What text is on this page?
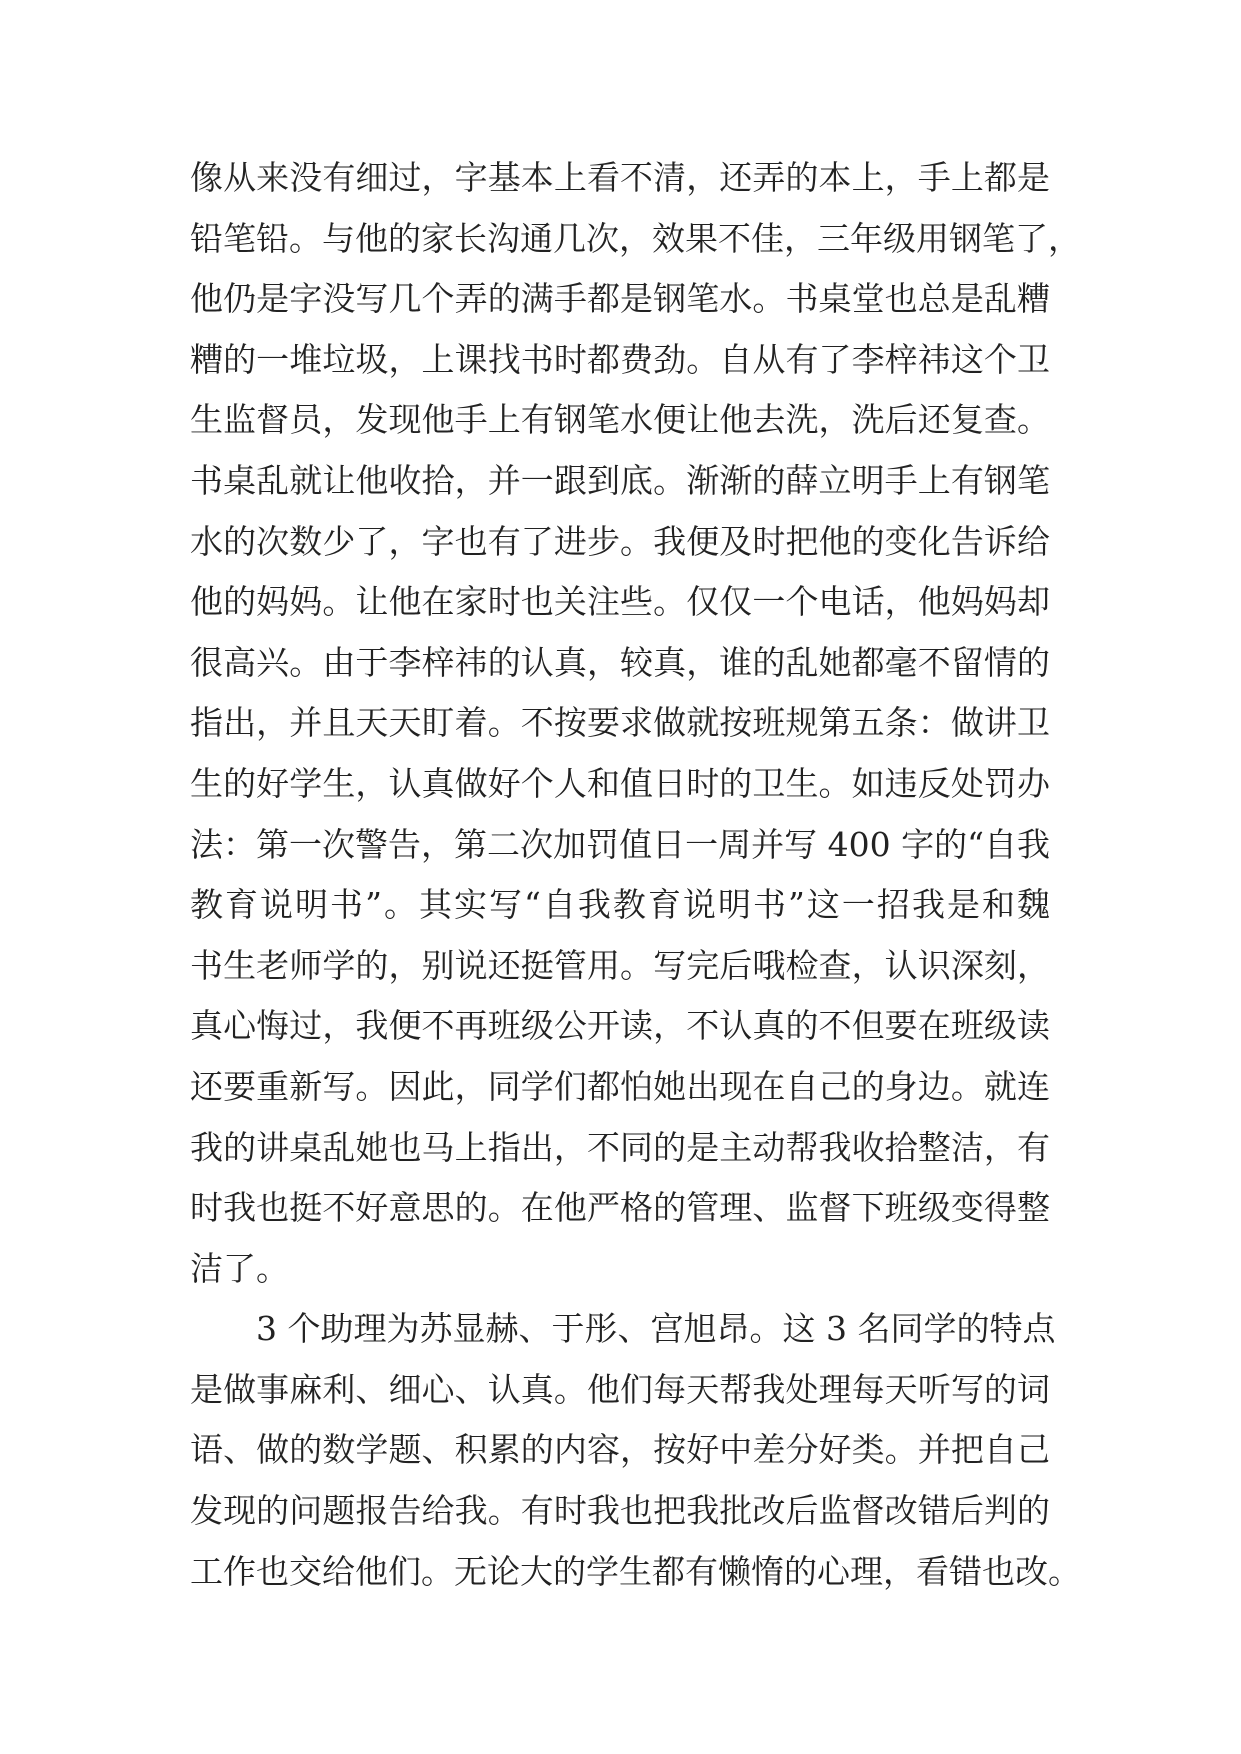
像从来没有细过，字基本上看不清，还弄的本上，手上都是
铅笔铅。与他的家长沟通几次，效果不佳，三年级用钢笔了，
他仍是字没写几个弄的满手都是钢笔水。书桌堂也总是乱糟
糟的一堆垃圾，上课找书时都费劲。自从有了李梓祎这个卫
生监督员，发现他手上有钢笔水便让他去洗，洗后还复查。
书桌乱就让他收拾，并一跟到底。渐渐的薛立明手上有钢笔
水的次数少了，字也有了进步。我便及时把他的变化告诉给
他的妈妈。让他在家时也关注些。仅仅一个电话，他妈妈却
很高兴。由于李梓祎的认真，较真，谁的乱她都毫不留情的
指出，并且天天盯着。不按要求做就按班规第五条：做讲卫
生的好学生，认真做好个人和值日时的卫生。如违反处罚办
法：第一次警告，第二次加罚值日一周并写 400 字的“自我
教育说明书”。其实写“自我教育说明书”这一招我是和魏
书生老师学的，别说还挺管用。写完后哦检查，认识深刻，
真心悔过，我便不再班级公开读，不认真的不但要在班级读
还要重新写。因此，同学们都怕她出现在自己的身边。就连
我的讲桌乱她也马上指出，不同的是主动帮我收拾整洁，有
时我也挺不好意思的。在他严格的管理、监督下班级变得整
洁了。
3 个助理为苏显赫、于彤、宫旭昂。这 3 名同学的特点
是做事麻利、细心、认真。他们每天帮我处理每天听写的词
语、做的数学题、积累的内容，按好中差分好类。并把自己
发现的问题报告给我。有时我也把我批改后监督改错后判的
工作也交给他们。无论大的学生都有懒惰的心理，看错也改。
